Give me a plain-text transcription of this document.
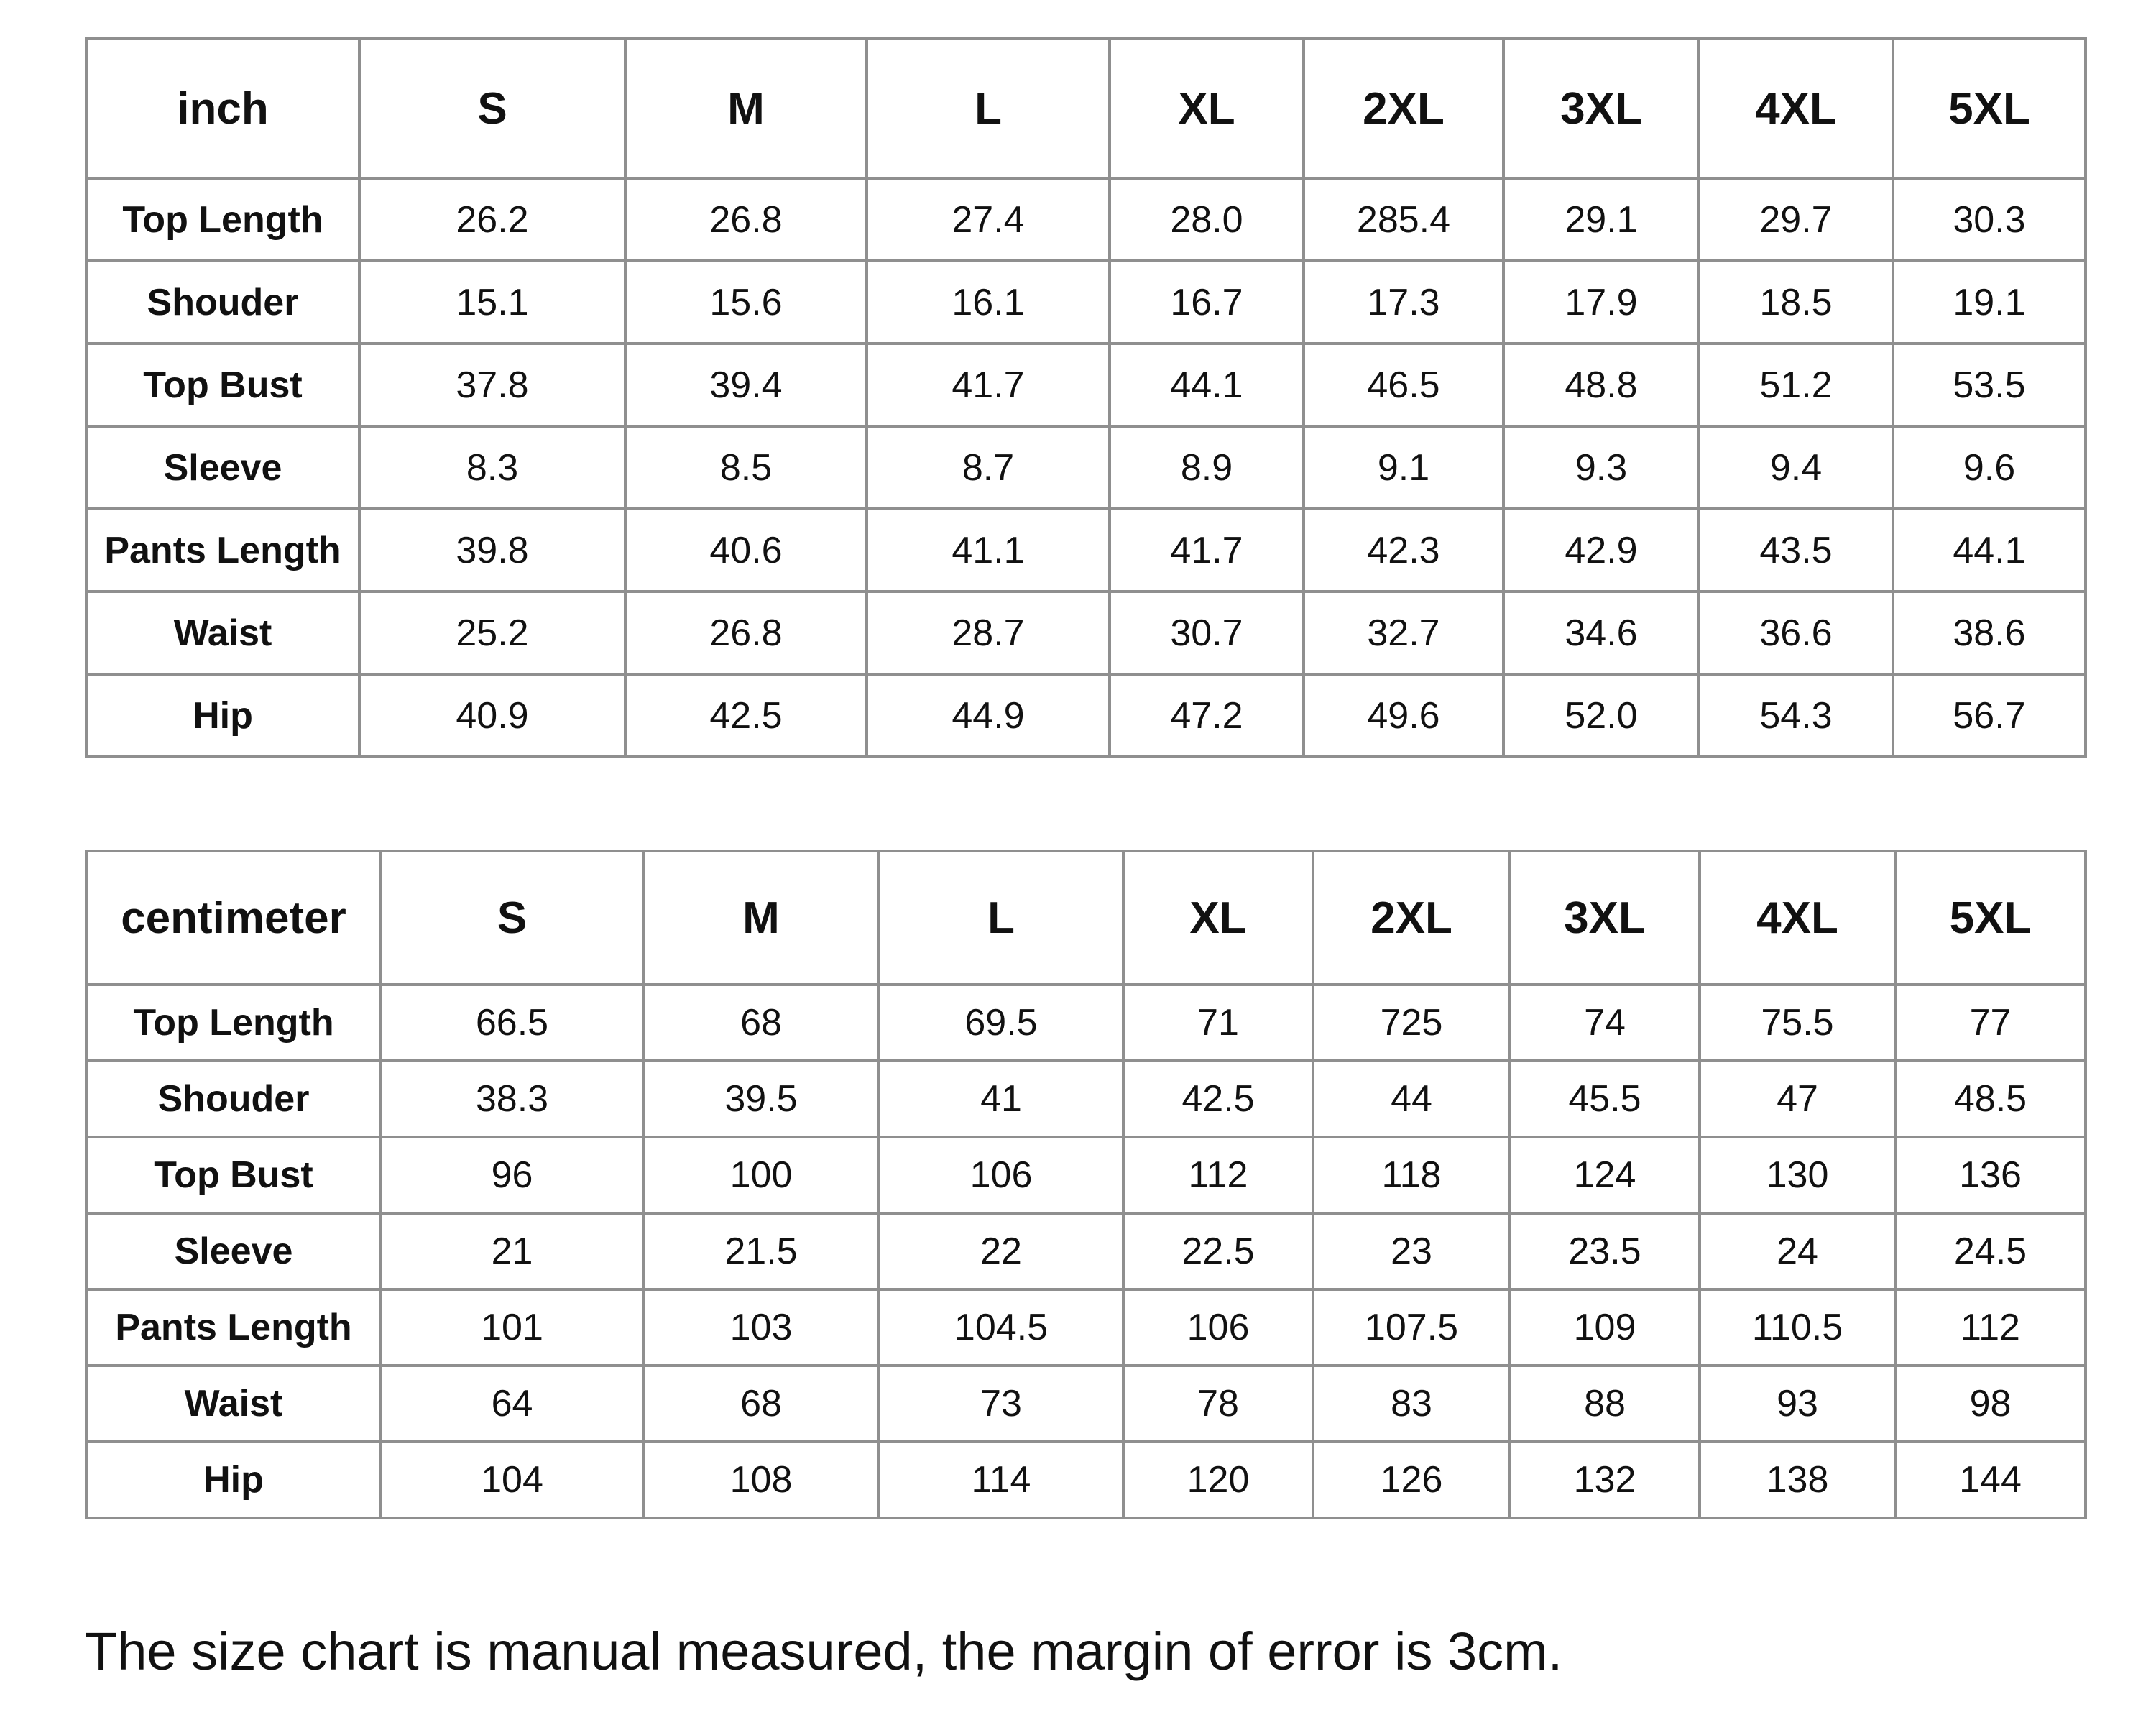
inch	S	M	L	XL	2XL	3XL	4XL	5XL
Top Length	26.2	26.8	27.4	28.0	285.4	29.1	29.7	30.3
Shouder	15.1	15.6	16.1	16.7	17.3	17.9	18.5	19.1
Top Bust	37.8	39.4	41.7	44.1	46.5	48.8	51.2	53.5
Sleeve	8.3	8.5	8.7	8.9	9.1	9.3	9.4	9.6
Pants Length	39.8	40.6	41.1	41.7	42.3	42.9	43.5	44.1
Waist	25.2	26.8	28.7	30.7	32.7	34.6	36.6	38.6
Hip	40.9	42.5	44.9	47.2	49.6	52.0	54.3	56.7
centimeter	S	M	L	XL	2XL	3XL	4XL	5XL
Top Length	66.5	68	69.5	71	725	74	75.5	77
Shouder	38.3	39.5	41	42.5	44	45.5	47	48.5
Top Bust	96	100	106	112	118	124	130	136
Sleeve	21	21.5	22	22.5	23	23.5	24	24.5
Pants Length	101	103	104.5	106	107.5	109	110.5	112
Waist	64	68	73	78	83	88	93	98
Hip	104	108	114	120	126	132	138	144
The size chart is manual measured, the margin of error is 3cm.
